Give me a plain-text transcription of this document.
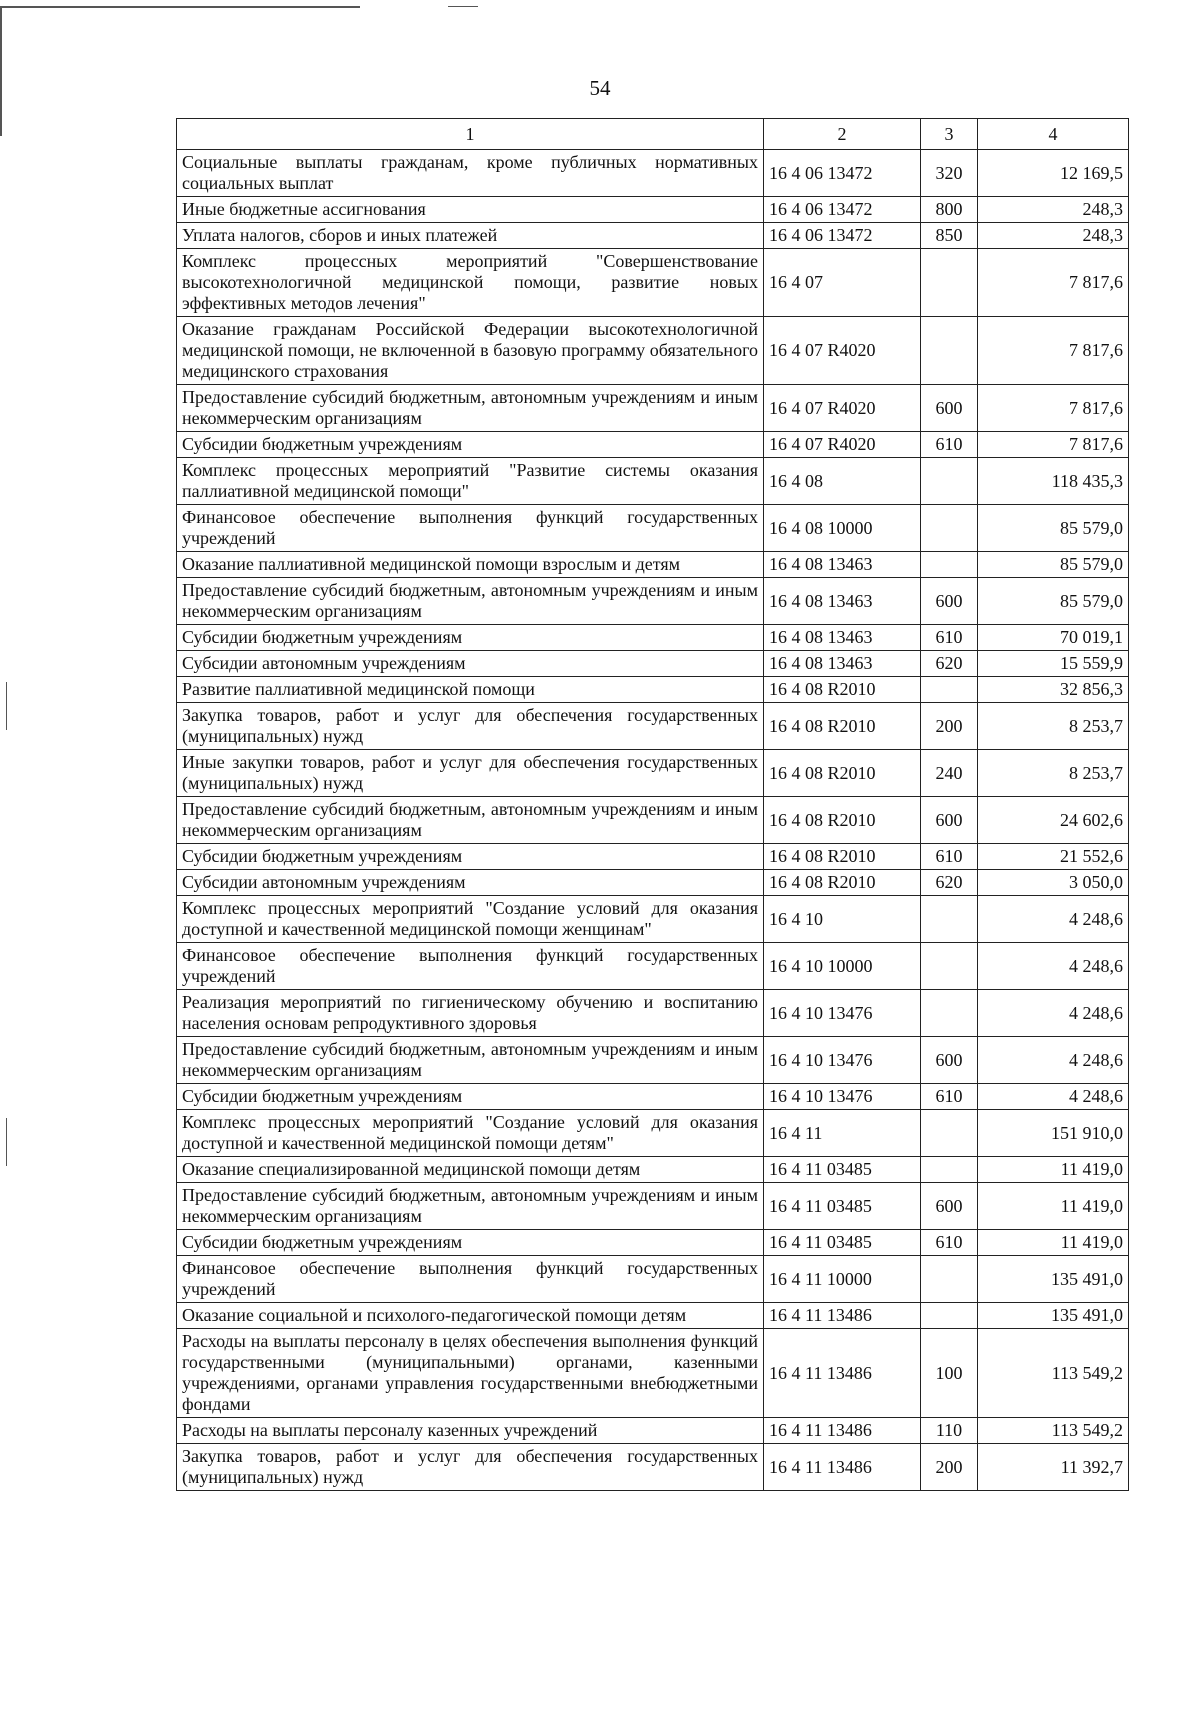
54
1	2	3	4
Социальные выплаты гражданам, кроме публичных нормативных социальных выплат	16 4 06 13472	320	12 169,5
Иные бюджетные ассигнования	16 4 06 13472	800	248,3
Уплата налогов, сборов и иных платежей	16 4 06 13472	850	248,3
Комплекс процессных мероприятий "Совершенствование высокотехнологичной медицинской помощи, развитие новых эффективных методов лечения"	16 4 07		7 817,6
Оказание гражданам Российской Федерации высокотехнологичной медицинской помощи, не включенной в базовую программу обязательного медицинского страхования	16 4 07 R4020		7 817,6
Предоставление субсидий бюджетным, автономным учреждениям и иным некоммерческим организациям	16 4 07 R4020	600	7 817,6
Субсидии бюджетным учреждениям	16 4 07 R4020	610	7 817,6
Комплекс процессных мероприятий "Развитие системы оказания паллиативной медицинской помощи"	16 4 08		118 435,3
Финансовое обеспечение выполнения функций государственных учреждений	16 4 08 10000		85 579,0
Оказание паллиативной медицинской помощи взрослым и детям	16 4 08 13463		85 579,0
Предоставление субсидий бюджетным, автономным учреждениям и иным некоммерческим организациям	16 4 08 13463	600	85 579,0
Субсидии бюджетным учреждениям	16 4 08 13463	610	70 019,1
Субсидии автономным учреждениям	16 4 08 13463	620	15 559,9
Развитие паллиативной медицинской помощи	16 4 08 R2010		32 856,3
Закупка товаров, работ и услуг для обеспечения государственных (муниципальных) нужд	16 4 08 R2010	200	8 253,7
Иные закупки товаров, работ и услуг для обеспечения государственных (муниципальных) нужд	16 4 08 R2010	240	8 253,7
Предоставление субсидий бюджетным, автономным учреждениям и иным некоммерческим организациям	16 4 08 R2010	600	24 602,6
Субсидии бюджетным учреждениям	16 4 08 R2010	610	21 552,6
Субсидии автономным учреждениям	16 4 08 R2010	620	3 050,0
Комплекс процессных мероприятий "Создание условий для оказания доступной и качественной медицинской помощи женщинам"	16 4 10		4 248,6
Финансовое обеспечение выполнения функций государственных учреждений	16 4 10 10000		4 248,6
Реализация мероприятий по гигиеническому обучению и воспитанию населения основам репродуктивного здоровья	16 4 10 13476		4 248,6
Предоставление субсидий бюджетным, автономным учреждениям и иным некоммерческим организациям	16 4 10 13476	600	4 248,6
Субсидии бюджетным учреждениям	16 4 10 13476	610	4 248,6
Комплекс процессных мероприятий "Создание условий для оказания доступной и качественной медицинской помощи детям"	16 4 11		151 910,0
Оказание специализированной медицинской помощи детям	16 4 11 03485		11 419,0
Предоставление субсидий бюджетным, автономным учреждениям и иным некоммерческим организациям	16 4 11 03485	600	11 419,0
Субсидии бюджетным учреждениям	16 4 11 03485	610	11 419,0
Финансовое обеспечение выполнения функций государственных учреждений	16 4 11 10000		135 491,0
Оказание социальной и психолого-педагогической помощи детям	16 4 11 13486		135 491,0
Расходы на выплаты персоналу в целях обеспечения выполнения функций государственными (муниципальными) органами, казенными учреждениями, органами управления государственными внебюджетными фондами	16 4 11 13486	100	113 549,2
Расходы на выплаты персоналу казенных учреждений	16 4 11 13486	110	113 549,2
Закупка товаров, работ и услуг для обеспечения государственных (муниципальных) нужд	16 4 11 13486	200	11 392,7
